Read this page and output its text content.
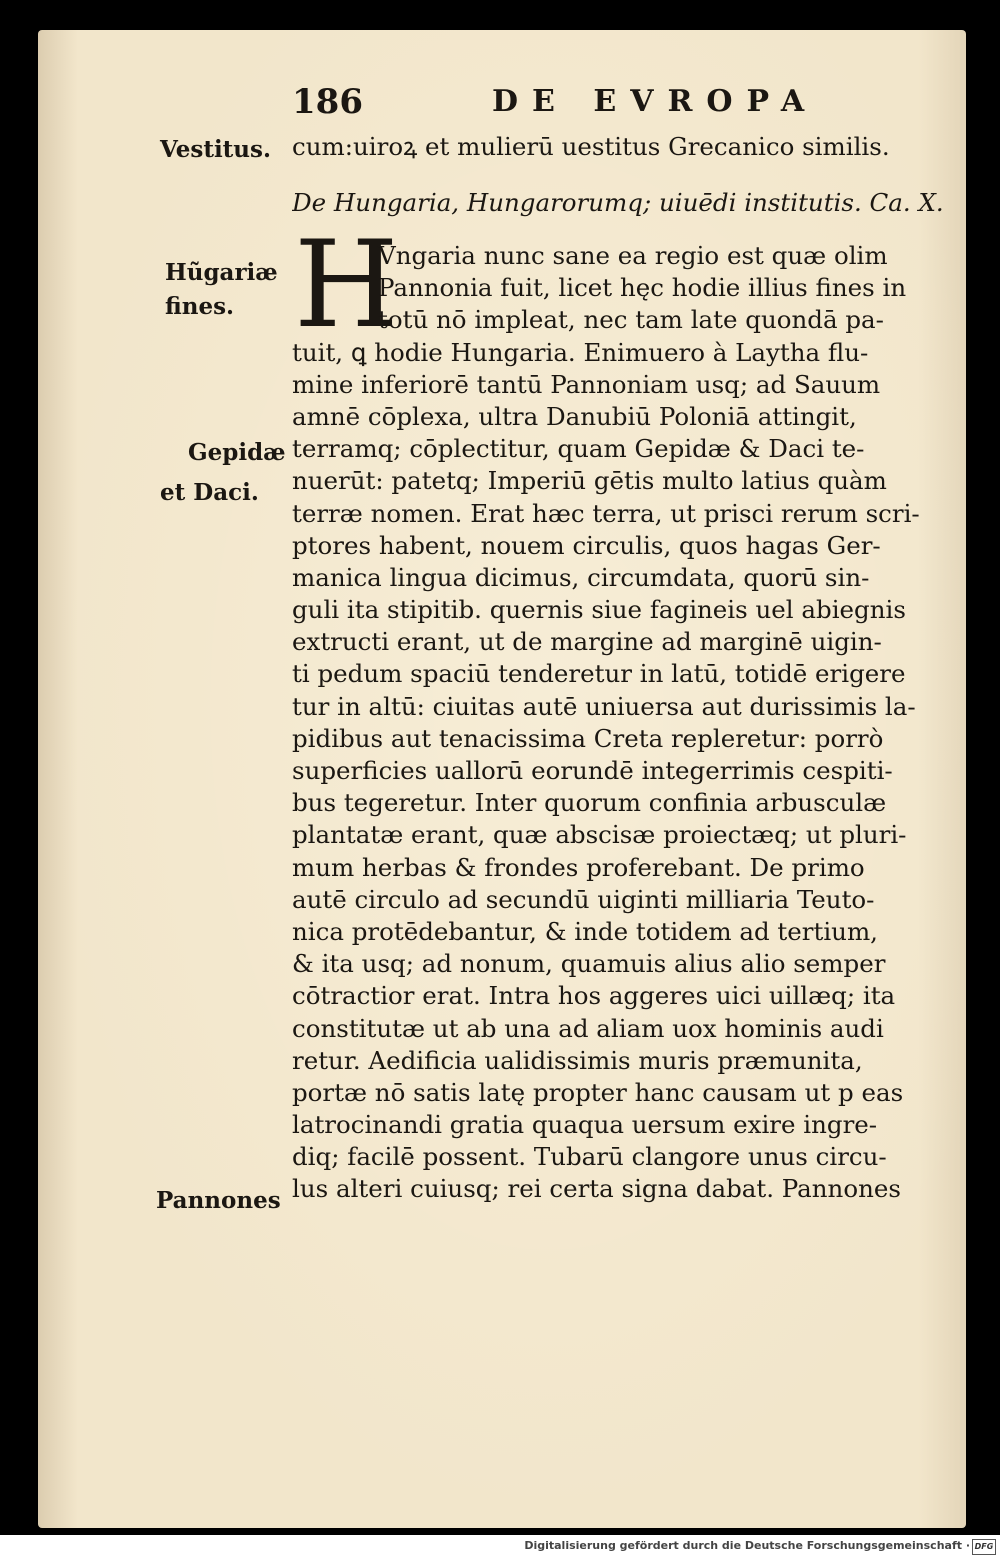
186	DE EVROPA
cum:uiroꝝ et mulierū uestitus Grecanico similis.
De Hungaria, Hungarorumq; uiuēdi institutis. Ca. X.
H
Vngaria nunc sane ea regio est quæ olim
Pannonia fuit, licet hęc hodie illius fines in
totū nō impleat, nec tam late quondā pa-
tuit, ꝗ hodie Hungaria. Enimuero à Laytha flu-
mine inferiorē tantū Pannoniam usq; ad Sauum
amnē cōplexa, ultra Danubiū Poloniā attingit,
terramq; cōplectitur, quam Gepidæ & Daci te-
nuerūt: patetq; Imperiū gētis multo latius quàm
terræ nomen. Erat hæc terra, ut prisci rerum scri-
ptores habent, nouem circulis, quos hagas Ger-
manica lingua dicimus, circumdata, quorū sin-
guli ita stipitib. quernis siue fagineis uel abiegnis
extructi erant, ut de margine ad marginē uigin-
ti pedum spaciū tenderetur in latū, totidē erigere
tur in altū: ciuitas autē uniuersa aut durissimis la-
pidibus aut tenacissima Creta repleretur: porrò
superficies uallorū eorundē integerrimis cespiti-
bus tegeretur. Inter quorum confinia arbusculæ
plantatæ erant, quæ abscisæ proiectæq; ut pluri-
mum herbas & frondes proferebant. De primo
autē circulo ad secundū uiginti milliaria Teuto-
nica protēdebantur, & inde totidem ad tertium,
& ita usq; ad nonum, quamuis alius alio semper
cōtractior erat. Intra hos aggeres uici uillæq; ita
constitutæ ut ab una ad aliam uox hominis audi
retur. Aedificia ualidissimis muris præmunita,
portæ nō satis latę propter hanc causam ut p eas
latrocinandi gratia quaqua uersum exire ingre-
diq; facilē possent. Tubarū clangore unus circu-
lus alteri cuiusq; rei certa signa dabat. Pannones
Vestitus.
Hũgariæ
fines.
Gepidæ
et Daci.
Pannones
Digitalisierung gefördert durch die Deutsche Forschungsgemeinschaft · DFG
